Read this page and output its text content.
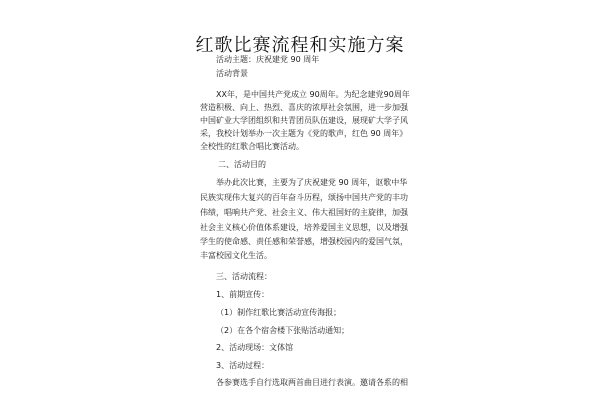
红歌比赛流程和实施方案
活动主题：庆祝建党 90 周年
活动背景
XX年，是中国共产党成立 90周年。为纪念建党90周年
营造积极、向上、热烈、喜庆的浓厚社会氛围，进一步加强
中国矿业大学团组织和共青团员队伍建设，展现矿大学子风
采，我校计划举办一次主题为《党的歌声，红色 90 周年》
全校性的红歌合唱比赛活动。
二、活动目的
举办此次比赛，主要为了庆祝建党 90 周年，讴歌中华
民族实现伟大复兴的百年奋斗历程，颂扬中国共产党的丰功
伟绩，唱响共产党、社会主义、伟大祖国好的主旋律，加强
社会主义核心价值体系建设，培养爱国主义思想，以及增强
学生的使命感、责任感和荣誉感，增强校园内的爱国气氛，
丰富校园文化生活。
三、活动流程：
1、前期宣传：
（1）制作红歌比赛活动宣传海报；
（2）在各个宿舍楼下张贴活动通知；
2、活动现场：文体馆
3、活动过程：
各参赛选手自行选取两首曲目进行表演。邀请各系的相
